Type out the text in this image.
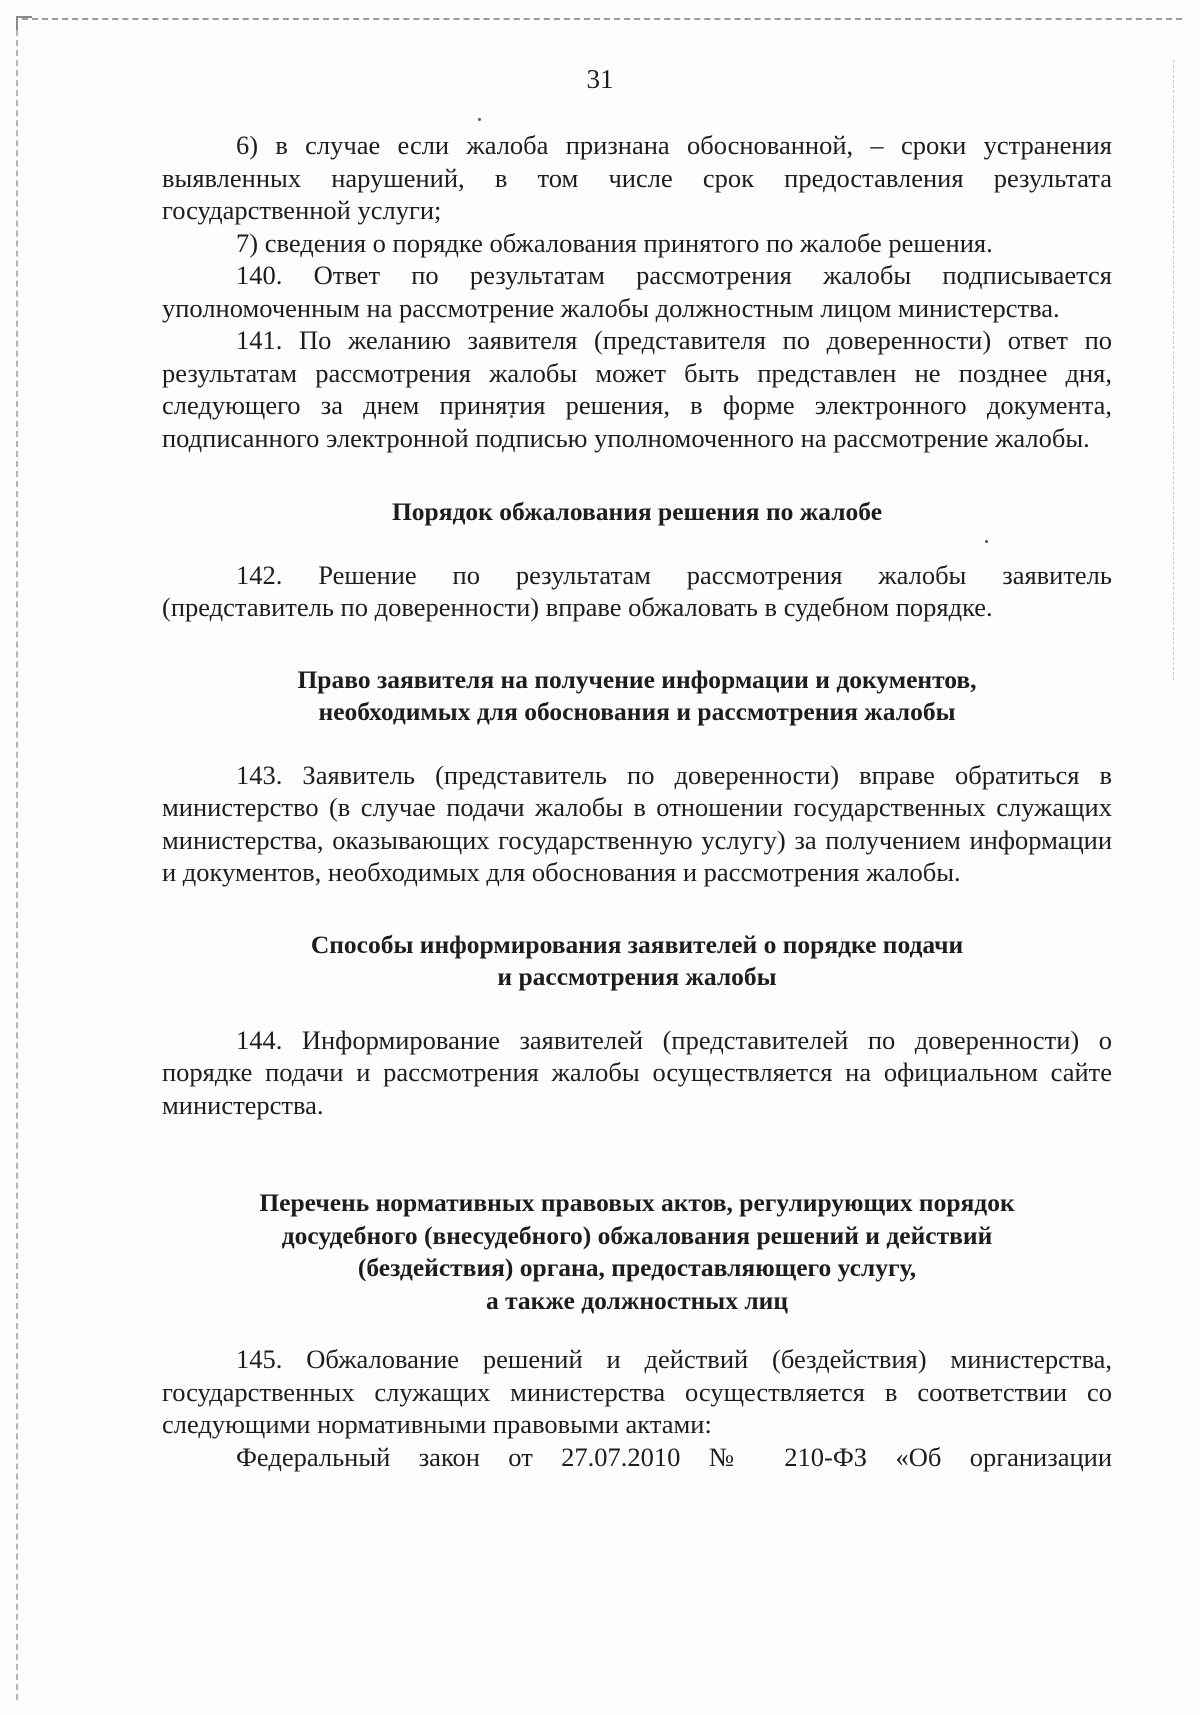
31

6) в случае если жалоба признана обоснованной, – сроки устранения выявленных нарушений, в том числе срок предоставления результата государственной услуги;

7) сведения о порядке обжалования принятого по жалобе решения.

140. Ответ по результатам рассмотрения жалобы подписывается уполномоченным на рассмотрение жалобы должностным лицом министерства.

141. По желанию заявителя (представителя по доверенности) ответ по результатам рассмотрения жалобы может быть представлен не позднее дня, следующего за днем принятия решения, в форме электронного документа, подписанного электронной подписью уполномоченного на рассмотрение жалобы.

Порядок обжалования решения по жалобе

142. Решение по результатам рассмотрения жалобы заявитель (представитель по доверенности) вправе обжаловать в судебном порядке.

Право заявителя на получение информации и документов,
необходимых для обоснования и рассмотрения жалобы

143. Заявитель (представитель по доверенности) вправе обратиться в министерство (в случае подачи жалобы в отношении государственных служащих министерства, оказывающих государственную услугу) за получением информации и документов, необходимых для обоснования и рассмотрения жалобы.

Способы информирования заявителей о порядке подачи
и рассмотрения жалобы

144. Информирование заявителей (представителей по доверенности) о порядке подачи и рассмотрения жалобы осуществляется на официальном сайте министерства.

Перечень нормативных правовых актов, регулирующих порядок
досудебного (внесудебного) обжалования решений и действий
(бездействия) органа, предоставляющего услугу,
а также должностных лиц

145. Обжалование решений и действий (бездействия) министерства, государственных служащих министерства осуществляется в соответствии со следующими нормативными правовыми актами:

Федеральный закон от 27.07.2010 № 210-ФЗ «Об организации
